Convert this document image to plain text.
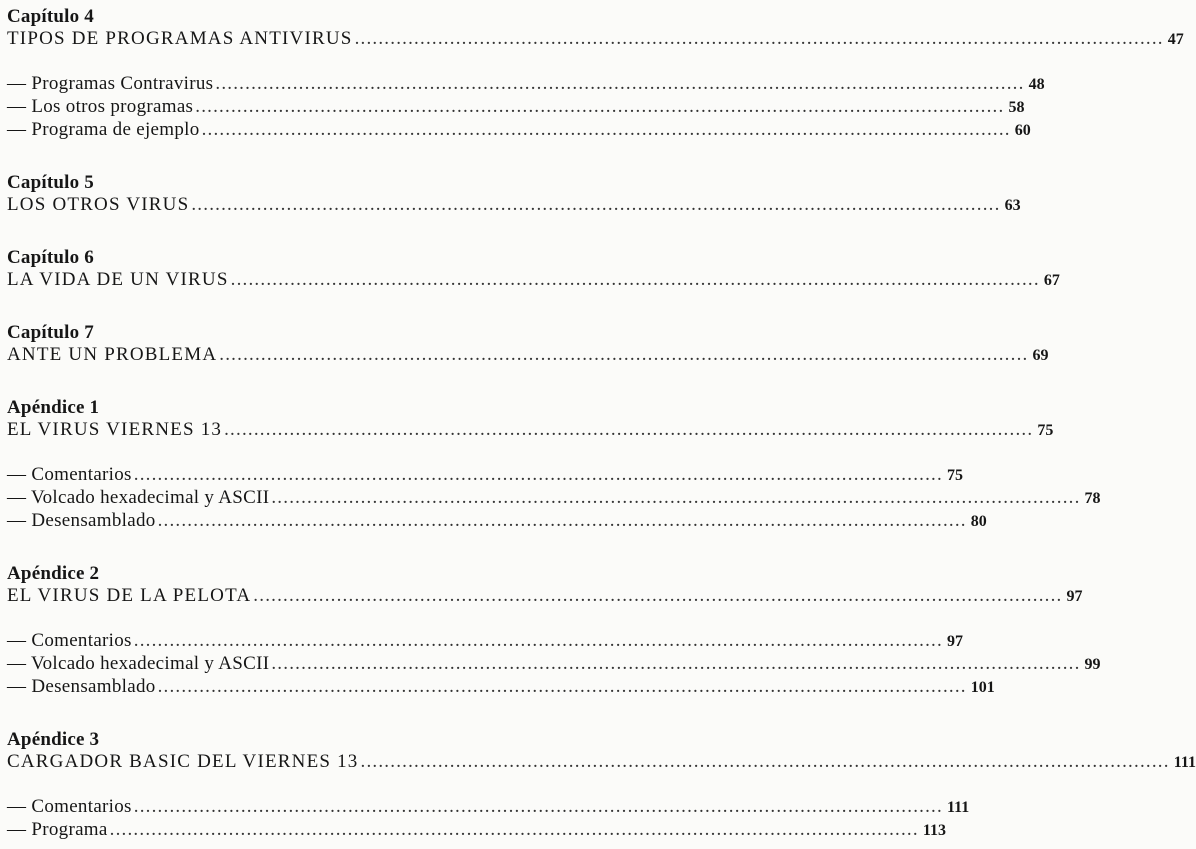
Capítulo 4
TIPOS DE PROGRAMAS ANTIVIRUS ........................................................................................................................................ 47
— Programas Contravirus ........................................................................................................................................ 48
— Los otros programas ........................................................................................................................................ 58
— Programa de ejemplo ........................................................................................................................................ 60
Capítulo 5
LOS OTROS VIRUS ........................................................................................................................................ 63
Capítulo 6
LA VIDA DE UN VIRUS ........................................................................................................................................ 67
Capítulo 7
ANTE UN PROBLEMA ........................................................................................................................................ 69
Apéndice 1
EL VIRUS VIERNES 13 ........................................................................................................................................ 75
— Comentarios ........................................................................................................................................ 75
— Volcado hexadecimal y ASCII ........................................................................................................................................ 78
— Desensamblado ........................................................................................................................................ 80
Apéndice 2
EL VIRUS DE LA PELOTA ........................................................................................................................................ 97
— Comentarios ........................................................................................................................................ 97
— Volcado hexadecimal y ASCII ........................................................................................................................................ 99
— Desensamblado ........................................................................................................................................ 101
Apéndice 3
CARGADOR BASIC DEL VIERNES 13 ........................................................................................................................................ 111
— Comentarios ........................................................................................................................................ 111
— Programa ........................................................................................................................................ 113
